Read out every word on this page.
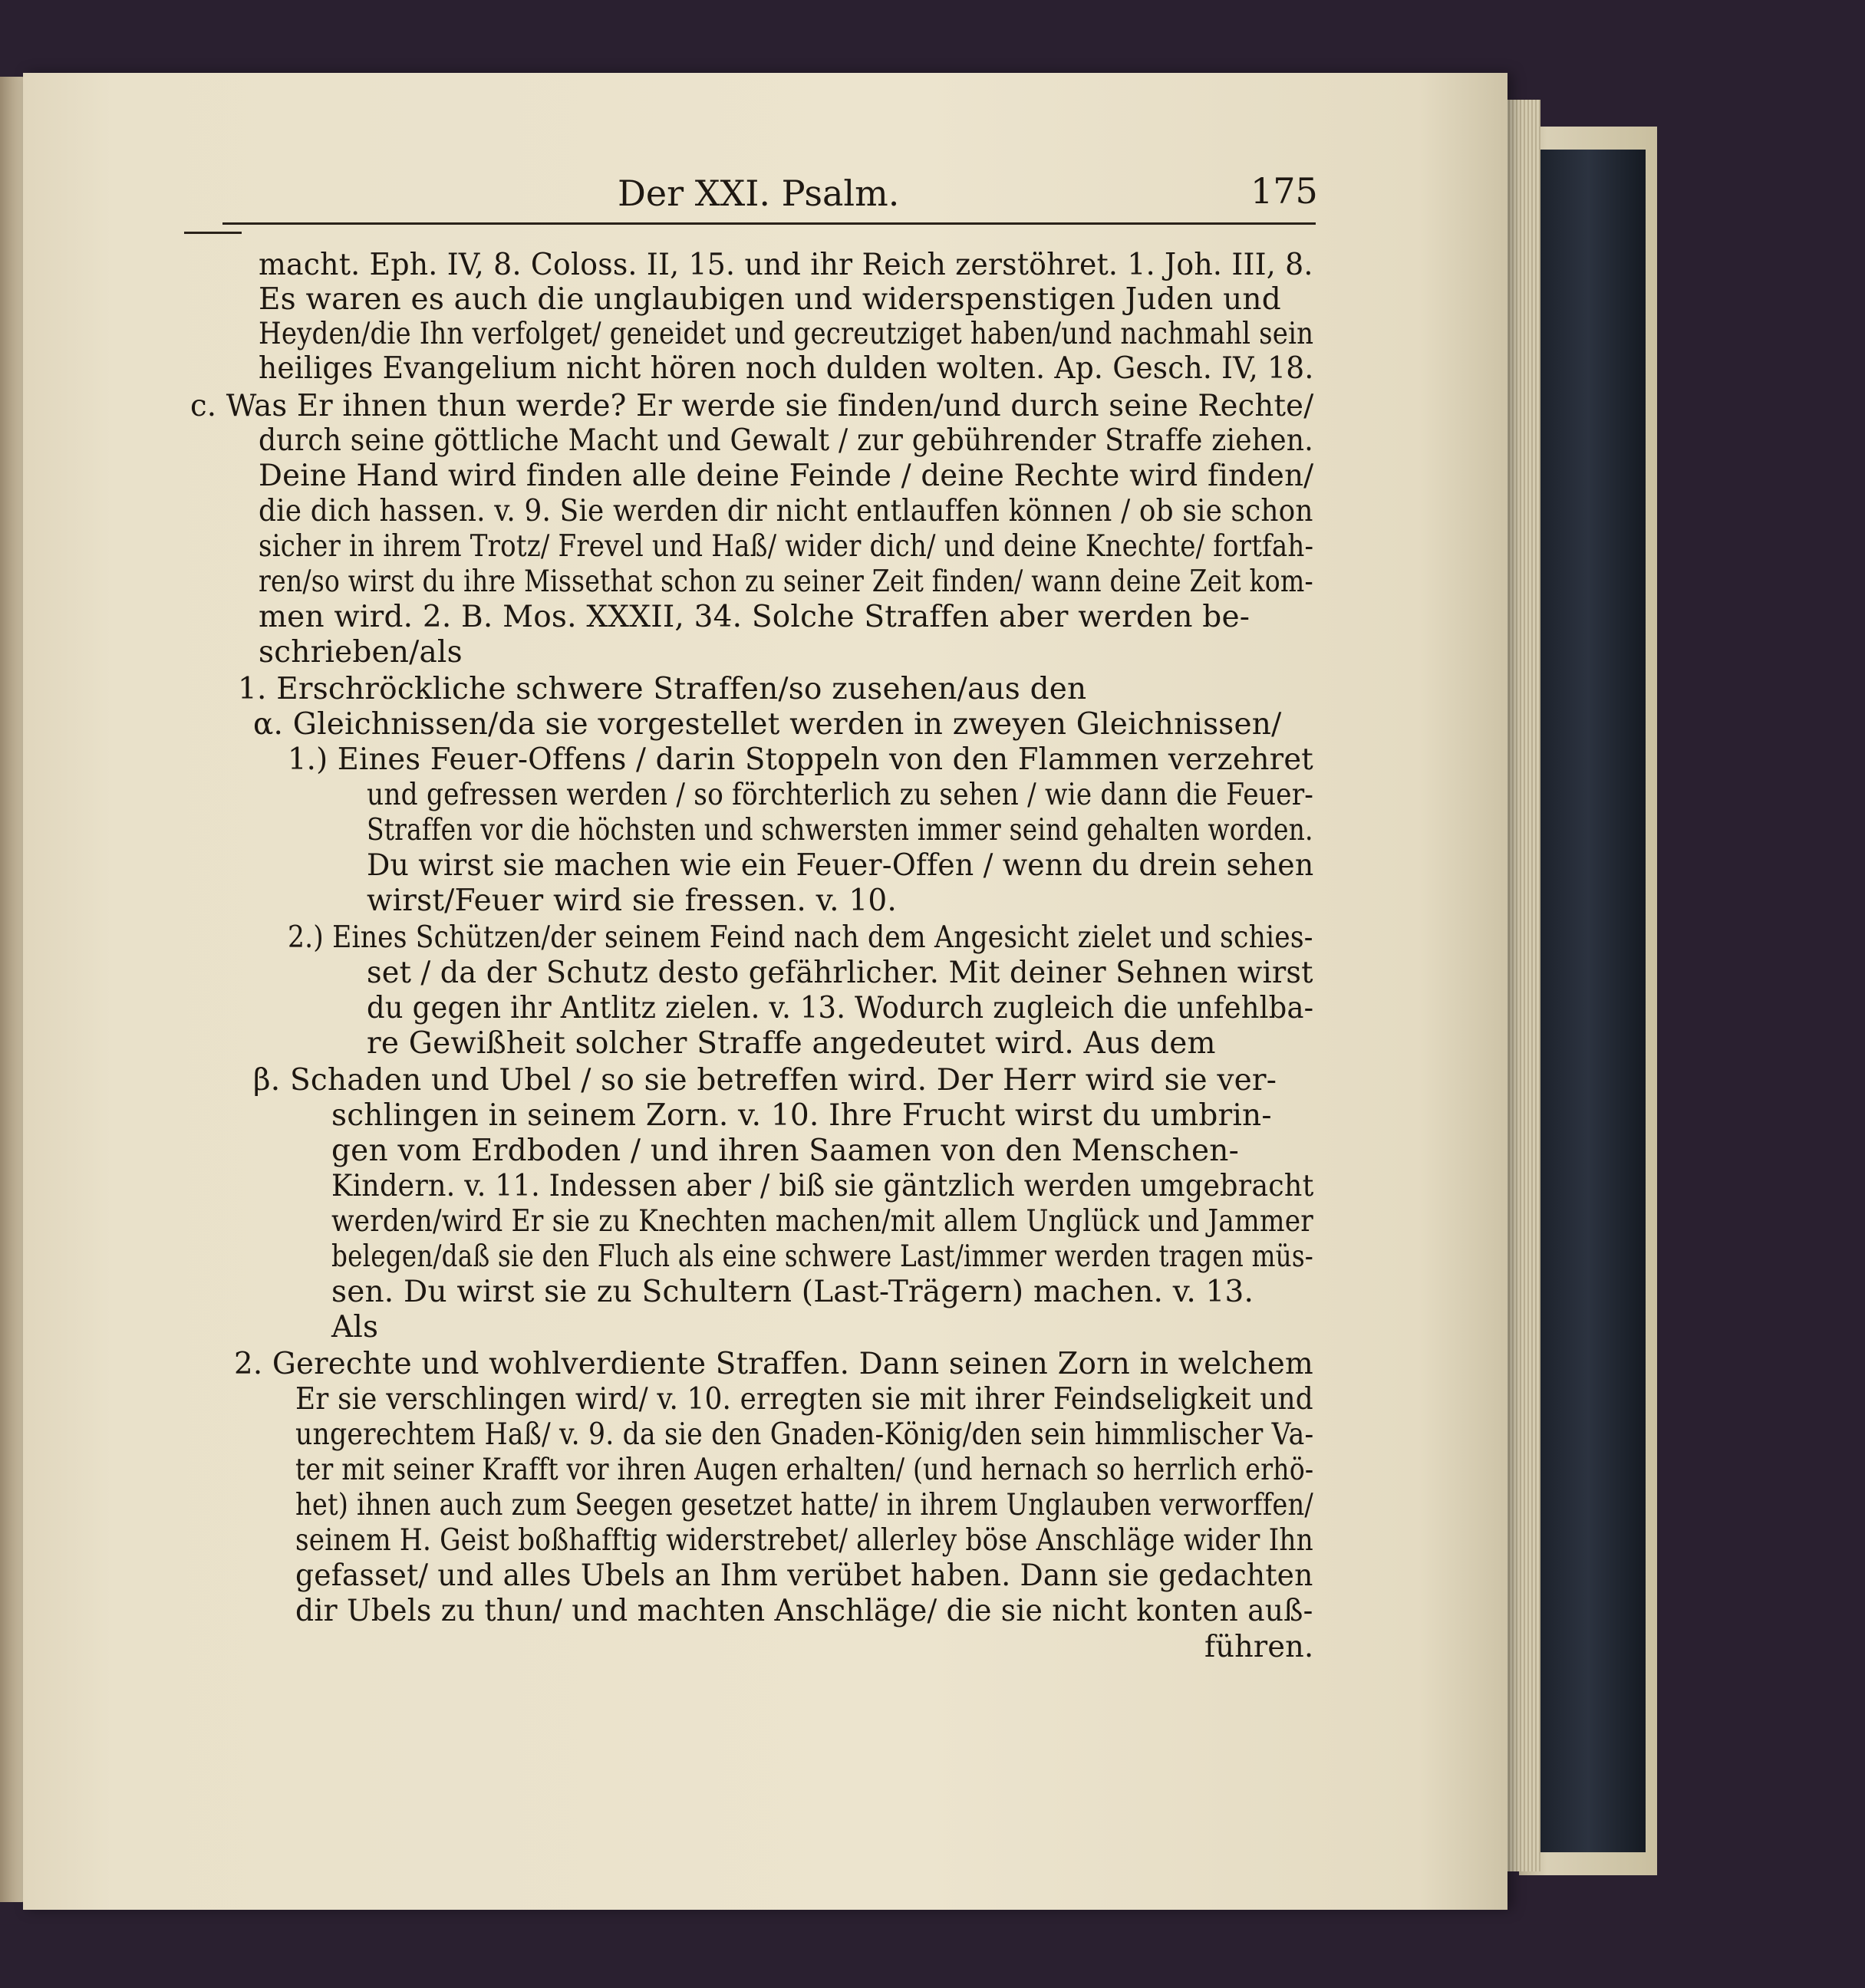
Der XXI. Psalm.	175
macht. Eph. IV, 8. Coloss. II, 15. und ihr Reich zerstöhret. 1. Joh. III, 8.
Es waren es auch die unglaubigen und widerspenstigen Juden und
Heyden/die Ihn verfolget/ geneidet und gecreutziget haben/und nachmahl sein
heiliges Evangelium nicht hören noch dulden wolten. Ap. Gesch. IV, 18.
c. Was Er ihnen thun werde? Er werde sie finden/und durch seine Rechte/
durch seine göttliche Macht und Gewalt / zur gebührender Straffe ziehen.
Deine Hand wird finden alle deine Feinde / deine Rechte wird finden/
die dich hassen. v. 9. Sie werden dir nicht entlauffen können / ob sie schon
sicher in ihrem Trotz/ Frevel und Haß/ wider dich/ und deine Knechte/ fortfah-
ren/so wirst du ihre Missethat schon zu seiner Zeit finden/ wann deine Zeit kom-
men wird. 2. B. Mos. XXXII, 34. Solche Straffen aber werden be-
schrieben/als
1. Erschröckliche schwere Straffen/so zusehen/aus den
α. Gleichnissen/da sie vorgestellet werden in zweyen Gleichnissen/
1.) Eines Feuer-Offens / darin Stoppeln von den Flammen verzehret
und gefressen werden / so förchterlich zu sehen / wie dann die Feuer-
Straffen vor die höchsten und schwersten immer seind gehalten worden.
Du wirst sie machen wie ein Feuer-Offen / wenn du drein sehen
wirst/Feuer wird sie fressen. v. 10.
2.) Eines Schützen/der seinem Feind nach dem Angesicht zielet und schies-
set / da der Schutz desto gefährlicher. Mit deiner Sehnen wirst
du gegen ihr Antlitz zielen. v. 13. Wodurch zugleich die unfehlba-
re Gewißheit solcher Straffe angedeutet wird. Aus dem
β. Schaden und Ubel / so sie betreffen wird. Der Herr wird sie ver-
schlingen in seinem Zorn. v. 10. Ihre Frucht wirst du umbrin-
gen vom Erdboden / und ihren Saamen von den Menschen-
Kindern. v. 11. Indessen aber / biß sie gäntzlich werden umgebracht
werden/wird Er sie zu Knechten machen/mit allem Unglück und Jammer
belegen/daß sie den Fluch als eine schwere Last/immer werden tragen müs-
sen. Du wirst sie zu Schultern (Last-Trägern) machen. v. 13.
Als
2. Gerechte und wohlverdiente Straffen. Dann seinen Zorn in welchem
Er sie verschlingen wird/ v. 10. erregten sie mit ihrer Feindseligkeit und
ungerechtem Haß/ v. 9. da sie den Gnaden-König/den sein himmlischer Va-
ter mit seiner Krafft vor ihren Augen erhalten/ (und hernach so herrlich erhö-
het) ihnen auch zum Seegen gesetzet hatte/ in ihrem Unglauben verworffen/
seinem H. Geist boßhafftig widerstrebet/ allerley böse Anschläge wider Ihn
gefasset/ und alles Ubels an Ihm verübet haben. Dann sie gedachten
dir Ubels zu thun/ und machten Anschläge/ die sie nicht konten auß-
führen.
